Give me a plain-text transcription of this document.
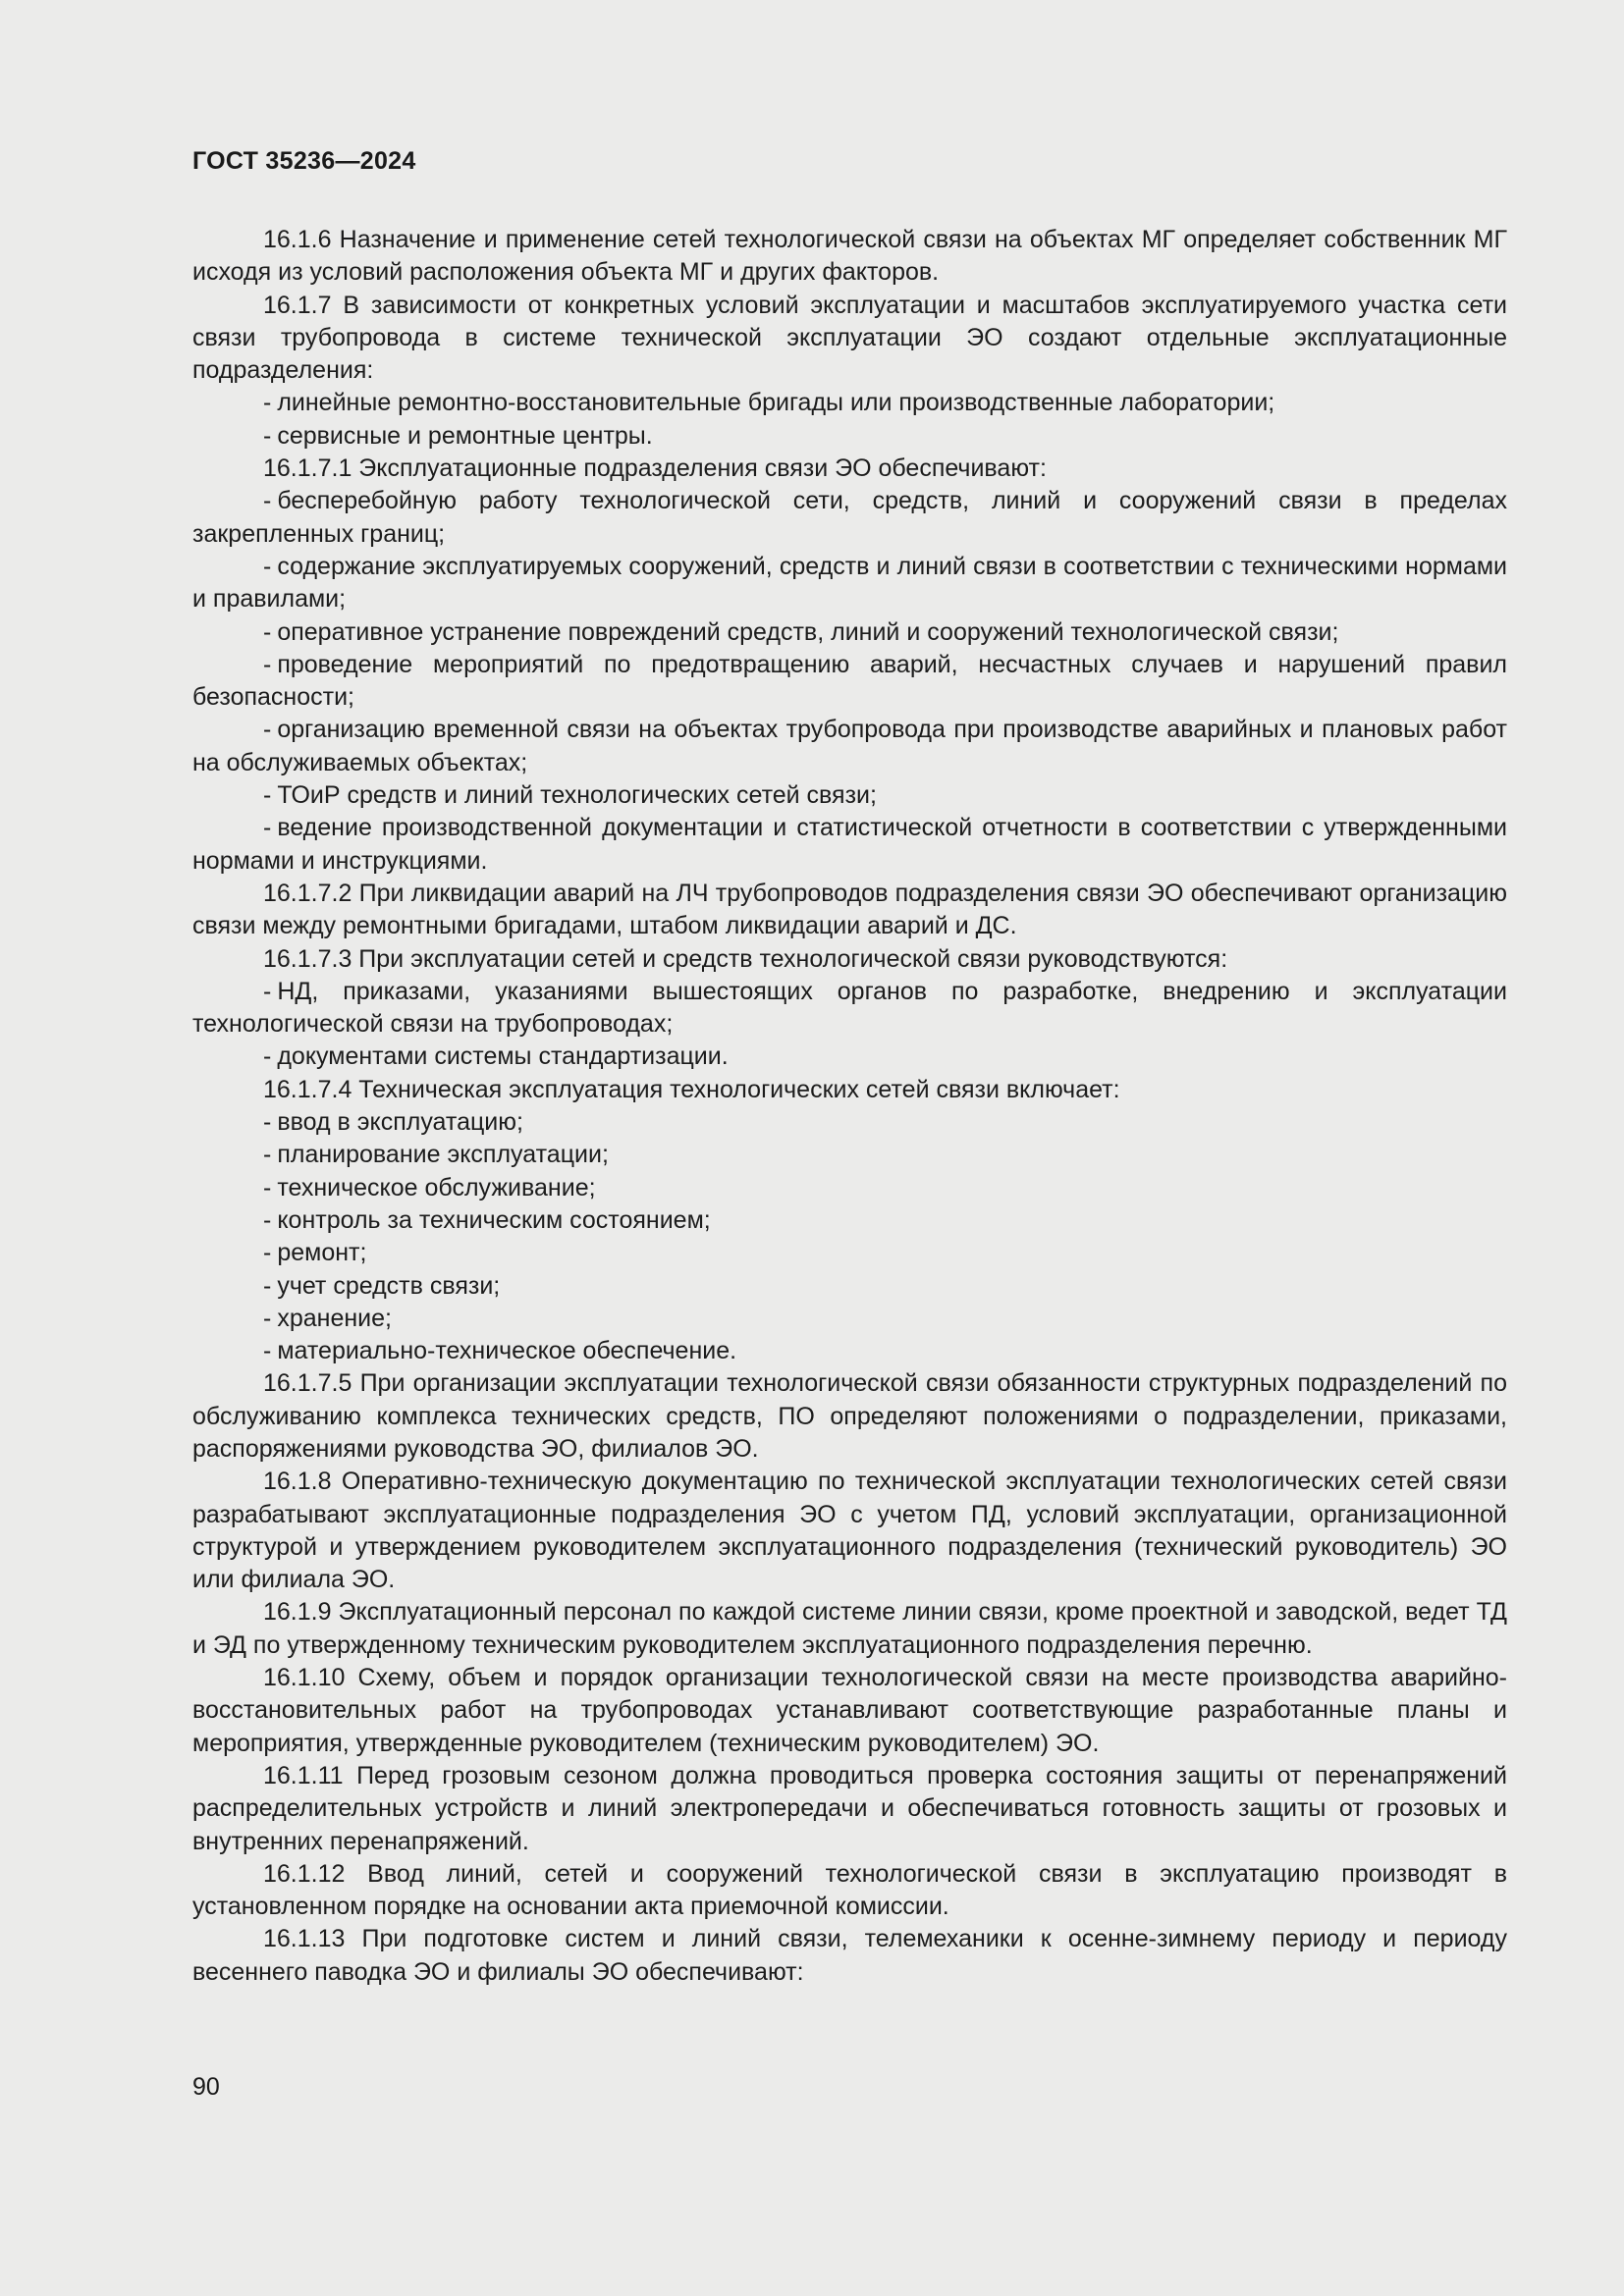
ГОСТ 35236—2024
16.1.6 Назначение и применение сетей технологической связи на объектах МГ определяет собственник МГ исходя из условий расположения объекта МГ и других факторов.
16.1.7 В зависимости от конкретных условий эксплуатации и масштабов эксплуатируемого участка сети связи трубопровода в системе технической эксплуатации ЭО создают отдельные эксплуатационные подразделения:
- линейные ремонтно-восстановительные бригады или производственные лаборатории;
- сервисные и ремонтные центры.
16.1.7.1 Эксплуатационные подразделения связи ЭО обеспечивают:
- бесперебойную работу технологической сети, средств, линий и сооружений связи в пределах закрепленных границ;
- содержание эксплуатируемых сооружений, средств и линий связи в соответствии с техническими нормами и правилами;
- оперативное устранение повреждений средств, линий и сооружений технологической связи;
- проведение мероприятий по предотвращению аварий, несчастных случаев и нарушений правил безопасности;
- организацию временной связи на объектах трубопровода при производстве аварийных и плановых работ на обслуживаемых объектах;
- ТОиР средств и линий технологических сетей связи;
- ведение производственной документации и статистической отчетности в соответствии с утвержденными нормами и инструкциями.
16.1.7.2 При ликвидации аварий на ЛЧ трубопроводов подразделения связи ЭО обеспечивают организацию связи между ремонтными бригадами, штабом ликвидации аварий и ДС.
16.1.7.3 При эксплуатации сетей и средств технологической связи руководствуются:
- НД, приказами, указаниями вышестоящих органов по разработке, внедрению и эксплуатации технологической связи на трубопроводах;
- документами системы стандартизации.
16.1.7.4 Техническая эксплуатация технологических сетей связи включает:
- ввод в эксплуатацию;
- планирование эксплуатации;
- техническое обслуживание;
- контроль за техническим состоянием;
- ремонт;
- учет средств связи;
- хранение;
- материально-техническое обеспечение.
16.1.7.5 При организации эксплуатации технологической связи обязанности структурных подразделений по обслуживанию комплекса технических средств, ПО определяют положениями о подразделении, приказами, распоряжениями руководства ЭО, филиалов ЭО.
16.1.8 Оперативно-техническую документацию по технической эксплуатации технологических сетей связи разрабатывают эксплуатационные подразделения ЭО с учетом ПД, условий эксплуатации, организационной структурой и утверждением руководителем эксплуатационного подразделения (технический руководитель) ЭО или филиала ЭО.
16.1.9 Эксплуатационный персонал по каждой системе линии связи, кроме проектной и заводской, ведет ТД и ЭД по утвержденному техническим руководителем эксплуатационного подразделения перечню.
16.1.10 Схему, объем и порядок организации технологической связи на месте производства аварийно-восстановительных работ на трубопроводах устанавливают соответствующие разработанные планы и мероприятия, утвержденные руководителем (техническим руководителем) ЭО.
16.1.11 Перед грозовым сезоном должна проводиться проверка состояния защиты от перенапряжений распределительных устройств и линий электропередачи и обеспечиваться готовность защиты от грозовых и внутренних перенапряжений.
16.1.12 Ввод линий, сетей и сооружений технологической связи в эксплуатацию производят в установленном порядке на основании акта приемочной комиссии.
16.1.13 При подготовке систем и линий связи, телемеханики к осенне-зимнему периоду и периоду весеннего паводка ЭО и филиалы ЭО обеспечивают:
90
